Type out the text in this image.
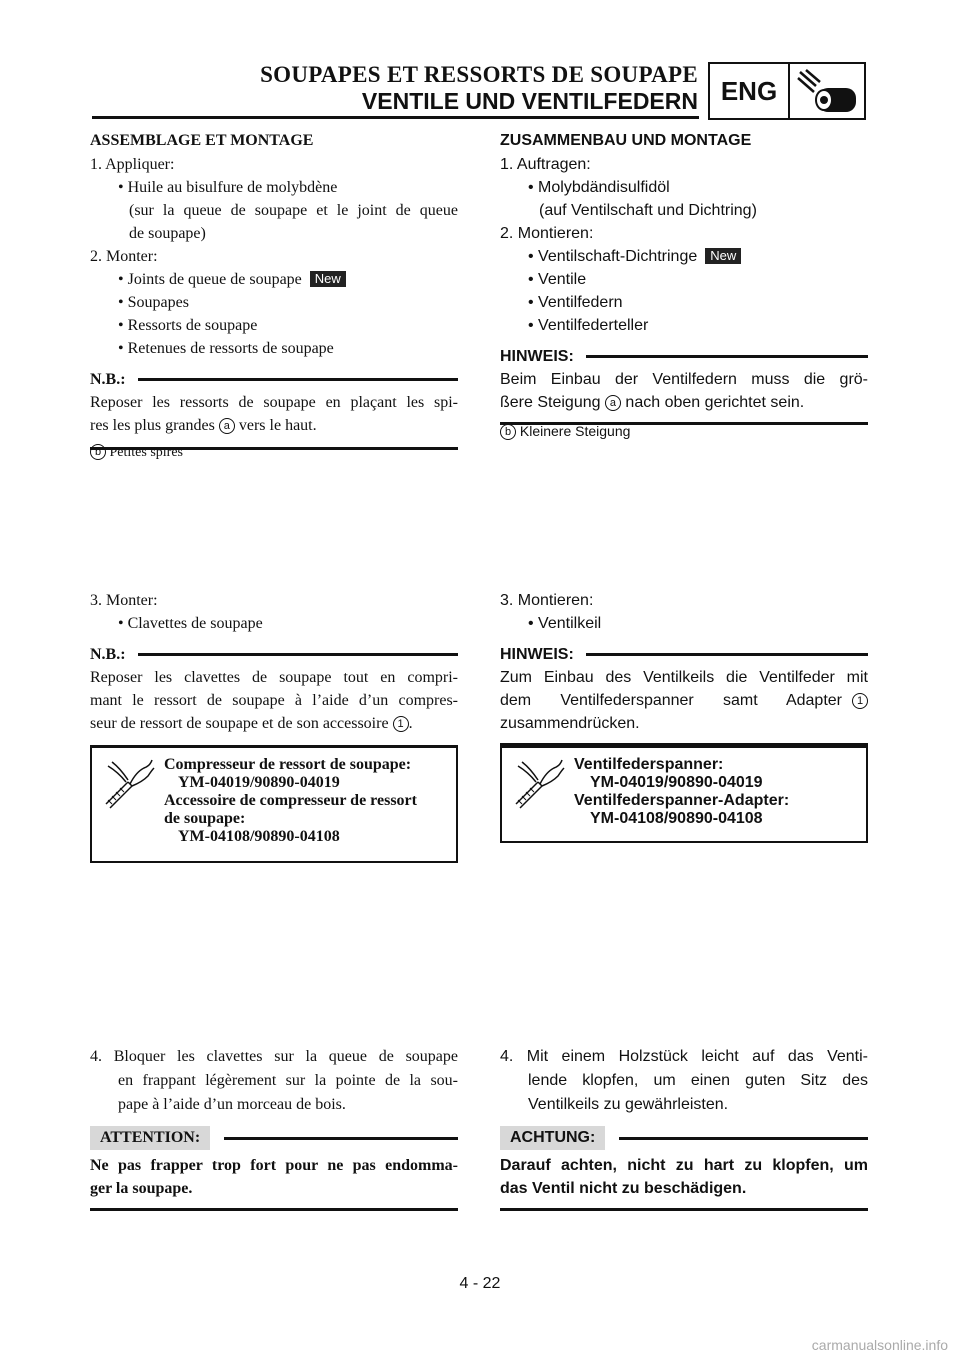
SOUPAPES ET RESSORTS DE SOUPAPE
VENTILE UND VENTILFEDERN ENG
ASSEMBLAGE ET MONTAGE
1. Appliquer:
• Huile au bisulfure de molybdène
(sur la queue de soupape et le joint de queue
de soupape)
2. Monter:
• Joints de queue de soupape New
• Soupapes
• Ressorts de soupape
• Retenues de ressorts de soupape
N.B.:
Reposer les ressorts de soupape en plaçant les spi-
res les plus grandes a vers le haut.
b Petites spires
3. Monter:
• Clavettes de soupape
N.B.:
Reposer les clavettes de soupape tout en compri-
mant le ressort de soupape à l’aide d’un compres-
seur de ressort de soupape et de son accessoire 1 .
Compresseur de ressort de soupape:
YM-04019/90890-04019
Accessoire de compresseur de ressort
de soupape:
YM-04108/90890-04108
4. Bloquer les clavettes sur la queue de soupape
en frappant légèrement sur la pointe de la sou-
pape à l’aide d’un morceau de bois.
ATTENTION:
Ne pas frapper trop fort pour ne pas endomma-
ger la soupape.
ZUSAMMENBAU UND MONTAGE
1. Auftragen:
• Molybdändisulfidöl
(auf Ventilschaft und Dichtring)
2. Montieren:
• Ventilschaft-Dichtringe New
• Ventile
• Ventilfedern
• Ventilfederteller
HINWEIS:
Beim Einbau der Ventilfedern muss die grö-
ßere Steigung a nach oben gerichtet sein.
b Kleinere Steigung
3. Montieren:
• Ventilkeil
HINWEIS:
Zum Einbau des Ventilkeils die Ventilfeder mit
dem Ventilfederspanner samt Adapter	1
zusammendrücken.
Ventilfederspanner:
YM-04019/90890-04019
Ventilfederspanner-Adapter:
YM-04108/90890-04108
4. Mit einem Holzstück leicht auf das Venti-
lende klopfen, um einen guten Sitz des
Ventilkeils zu gewährleisten.
ACHTUNG:
Darauf achten, nicht zu hart zu klopfen, um
das Ventil nicht zu beschädigen.
4 - 22
carmanualsonline.info
